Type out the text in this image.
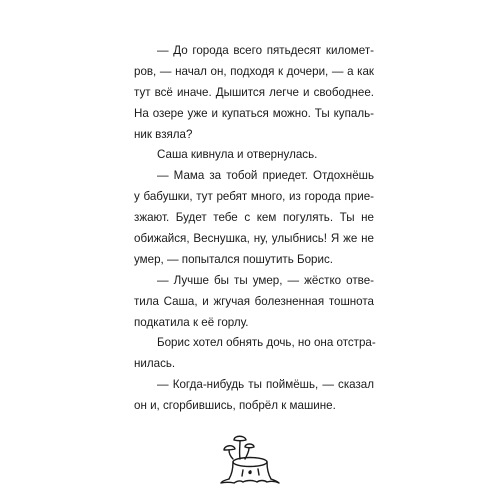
— До города всего пятьдесят километ-
ров, — начал он, подходя к дочери, — а как
тут всё иначе. Дышится легче и свободнее.
На озере уже и купаться можно. Ты купаль-
ник взяла?
Саша кивнула и отвернулась.
— Мама за тобой приедет. Отдохнёшь
у бабушки, тут ребят много, из города прие-
зжают. Будет тебе с кем погулять. Ты не
обижайся, Веснушка, ну, улыбнись! Я же не
умер, — попытался пошутить Борис.
— Лучше бы ты умер, — жёстко отве-
тила Саша, и жгучая болезненная тошнота
подкатила к её горлу.
Борис хотел обнять дочь, но она отстра-
нилась.
— Когда-нибудь ты поймёшь, — сказал
он и, сгорбившись, побрёл к машине.
